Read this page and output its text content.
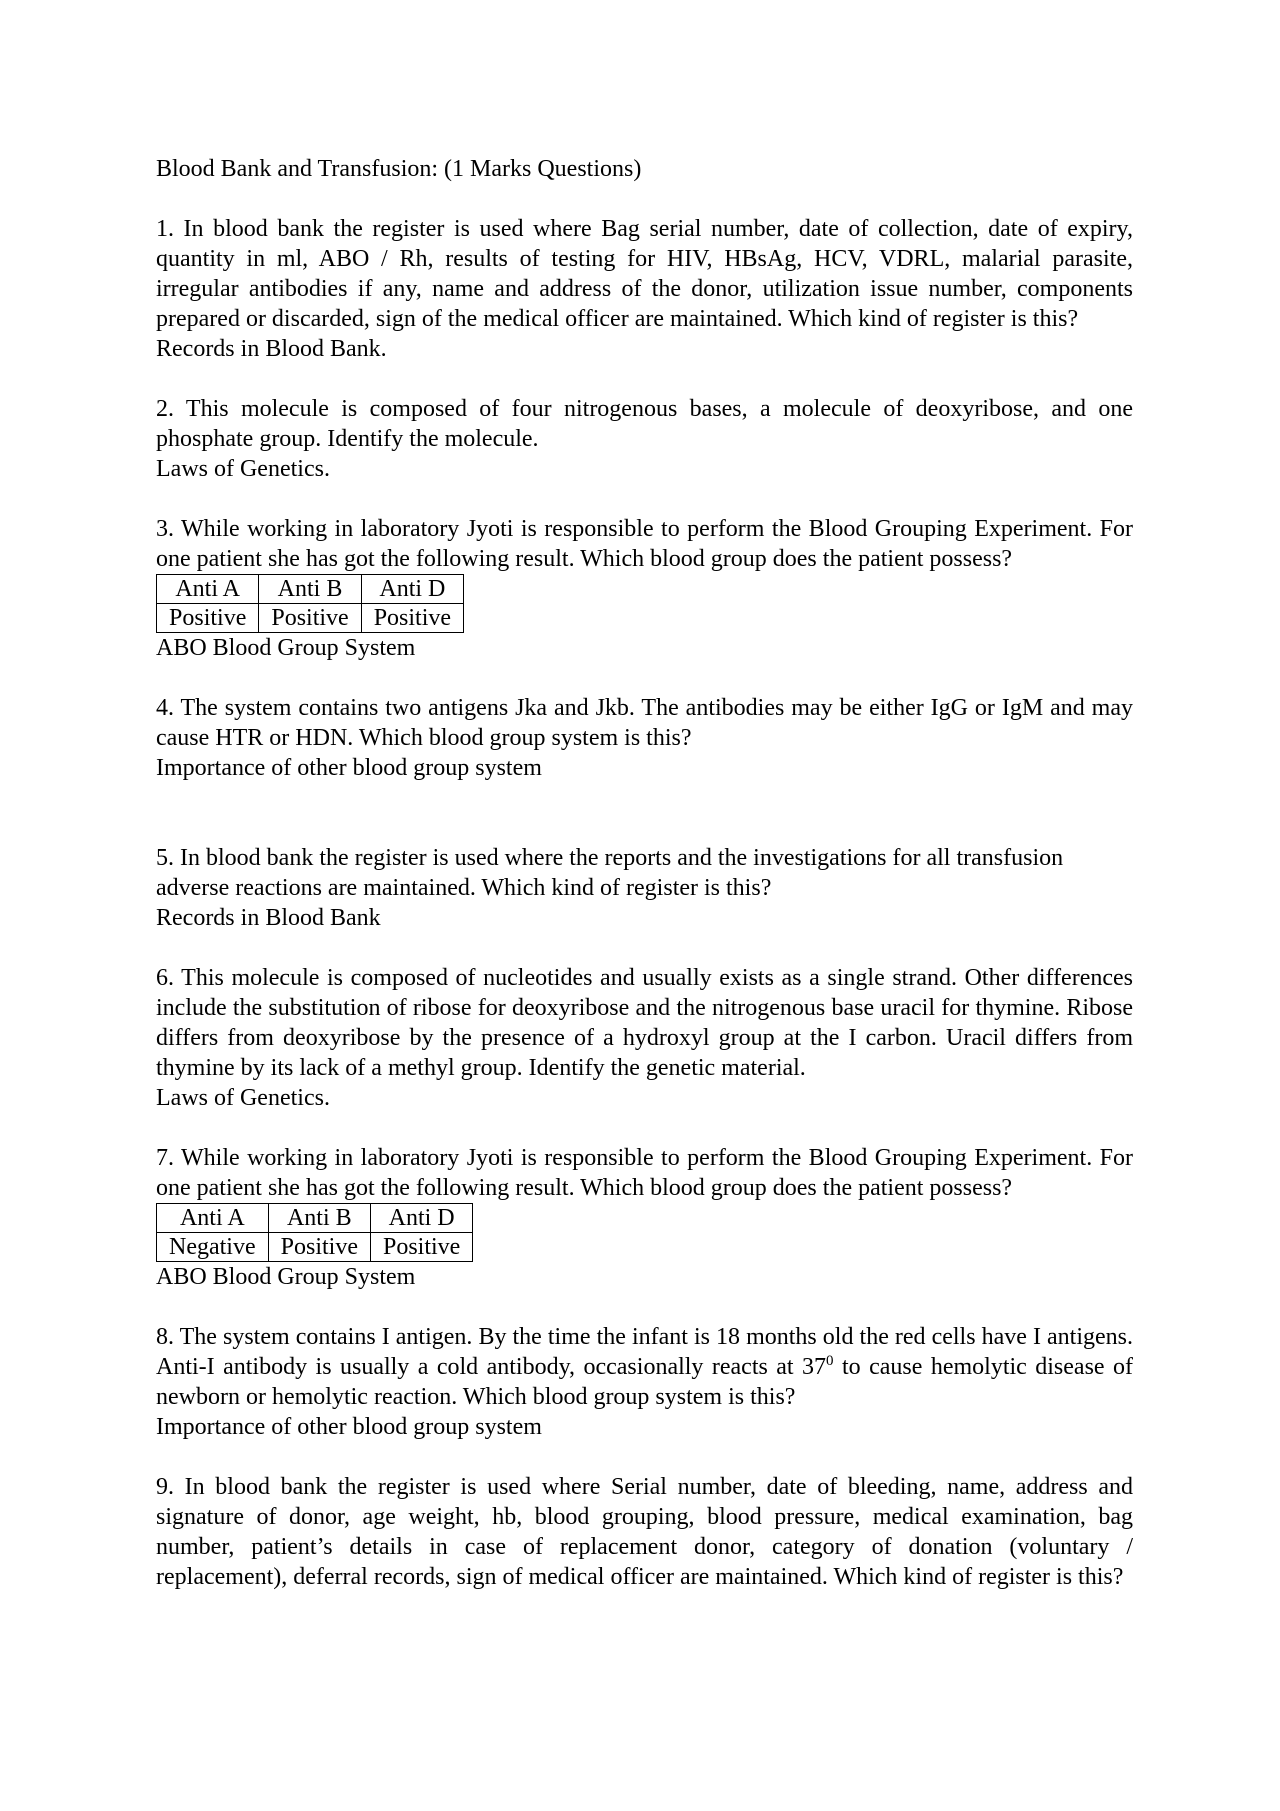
Blood Bank and Transfusion: (1 Marks Questions)

1. In blood bank the register is used where Bag serial number, date of collection, date of expiry, quantity in ml, ABO / Rh, results of testing for HIV, HBsAg, HCV, VDRL, malarial parasite, irregular antibodies if any, name and address of the donor, utilization issue number, components prepared or discarded, sign of the medical officer are maintained. Which kind of register is this?

Records in Blood Bank.

2. This molecule is composed of four nitrogenous bases, a molecule of deoxyribose, and one phosphate group. Identify the molecule.

Laws of Genetics.

3. While working in laboratory Jyoti is responsible to perform the Blood Grouping Experiment. For one patient she has got the following result. Which blood group does the patient possess?

Anti A	Anti B	Anti D
Positive	Positive	Positive

ABO Blood Group System

4. The system contains two antigens Jka and Jkb. The antibodies may be either IgG or IgM and may cause HTR or HDN. Which blood group system is this?

Importance of other blood group system

5. In blood bank the register is used where the reports and the investigations for all transfusion adverse reactions are maintained. Which kind of register is this?

Records in Blood Bank

6. This molecule is composed of nucleotides and usually exists as a single strand. Other differences include the substitution of ribose for deoxyribose and the nitrogenous base uracil for thymine. Ribose differs from deoxyribose by the presence of a hydroxyl group at the I carbon. Uracil differs from thymine by its lack of a methyl group. Identify the genetic material.

Laws of Genetics.

7. While working in laboratory Jyoti is responsible to perform the Blood Grouping Experiment. For one patient she has got the following result. Which blood group does the patient possess?

Anti A	Anti B	Anti D
Negative	Positive	Positive

ABO Blood Group System

8. The system contains I antigen. By the time the infant is 18 months old the red cells have I antigens. Anti-I antibody is usually a cold antibody, occasionally reacts at $37^0$ to cause hemolytic disease of newborn or hemolytic reaction. Which blood group system is this?

Importance of other blood group system

9. In blood bank the register is used where Serial number, date of bleeding, name, address and signature of donor, age weight, hb, blood grouping, blood pressure, medical examination, bag number, patient’s details in case of replacement donor, category of donation (voluntary / replacement), deferral records, sign of medical officer are maintained. Which kind of register is this?
